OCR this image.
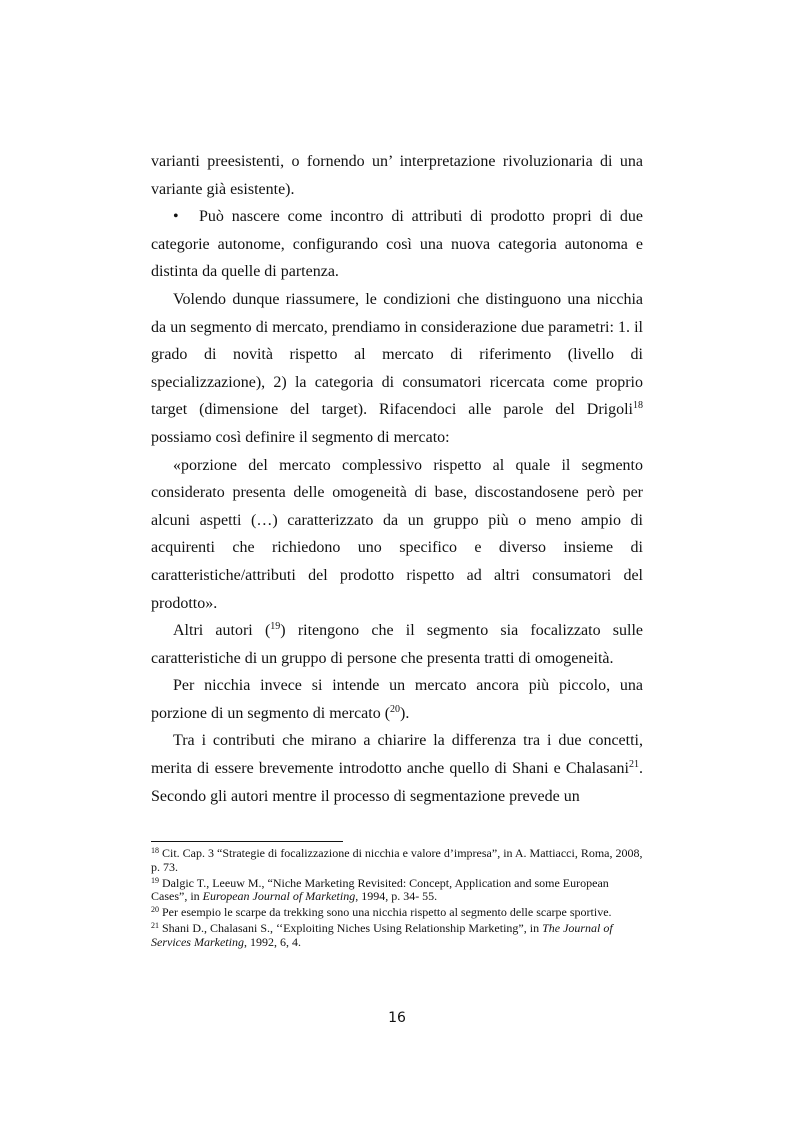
varianti preesistenti, o fornendo un’ interpretazione rivoluzionaria di una variante già esistente).

• Può nascere come incontro di attributi di prodotto propri di due categorie autonome, configurando così una nuova categoria autonoma e distinta da quelle di partenza.

Volendo dunque riassumere, le condizioni che distinguono una nicchia da un segmento di mercato, prendiamo in considerazione due parametri: 1. il grado di novità rispetto al mercato di riferimento (livello di specializzazione), 2) la categoria di consumatori ricercata come proprio target (dimensione del target). Rifacendoci alle parole del Drigoli$^{18}$ possiamo così definire il segmento di mercato:

«porzione del mercato complessivo rispetto al quale il segmento considerato presenta delle omogeneità di base, discostandosene però per alcuni aspetti (…) caratterizzato da un gruppo più o meno ampio di acquirenti che richiedono uno specifico e diverso insieme di caratteristiche/attributi del prodotto rispetto ad altri consumatori del prodotto».

Altri autori ($^{19}$) ritengono che il segmento sia focalizzato sulle caratteristiche di un gruppo di persone che presenta tratti di omogeneità.

Per nicchia invece si intende un mercato ancora più piccolo, una porzione di un segmento di mercato ($^{20}$).

Tra i contributi che mirano a chiarire la differenza tra i due concetti, merita di essere brevemente introdotto anche quello di Shani e Chalasani$^{21}$. Secondo gli autori mentre il processo di segmentazione prevede un

$^{18}$ Cit. Cap. 3 “Strategie di focalizzazione di nicchia e valore d’impresa”, in A. Mattiacci, Roma, 2008, p. 73.

$^{19}$ Dalgic T., Leeuw M., “Niche Marketing Revisited: Concept, Application and some European Cases”, in European Journal of Marketing, 1994, p. 34- 55.

$^{20}$ Per esempio le scarpe da trekking sono una nicchia rispetto al segmento delle scarpe sportive.

$^{21}$ Shani D., Chalasani S., ‘‘Exploiting Niches Using Relationship Marketing”, in The Journal of Services Marketing, 1992, 6, 4.

16
